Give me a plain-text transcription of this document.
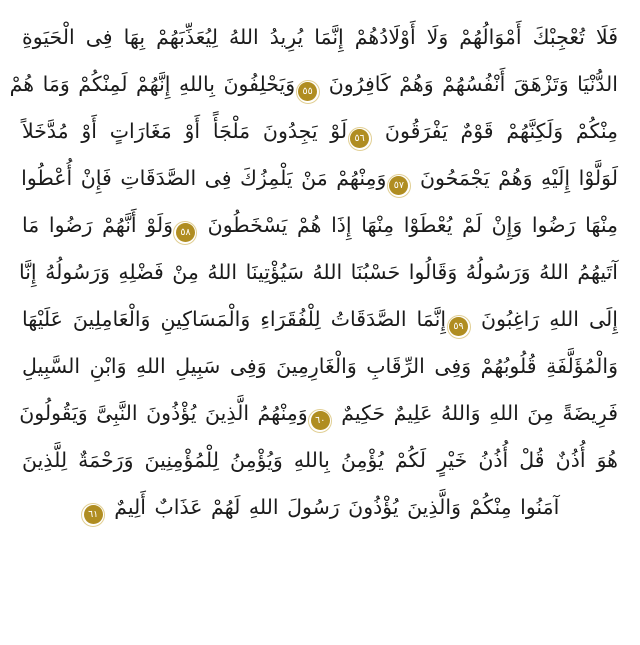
فَلَا تُعْجِبْكَ أَمْوَالُهُمْ وَلَا أَوْلَادُهُمْ إِنَّمَا يُرِيدُ اللهُ لِيُعَذِّبَهُمْ بِهَا فِى الْحَيَوةِ
الدُّنْيَا وَتَزْهَقَ أَنْفُسُهُمْ وَهُمْ كَافِرُونَ ٥٥وَيَحْلِفُونَ بِاللهِ إِنَّهُمْ لَمِنْكُمْ وَمَا هُمْ
مِنْكُمْ وَلَكِنَّهُمْ قَوْمٌ يَفْرَقُونَ ٥٦لَوْ يَجِدُونَ مَلْجَأً أَوْ مَغَارَاتٍ أَوْ مُدَّخَلاً
لَوَلَّوْا إِلَيْهِ وَهُمْ يَجْمَحُونَ ٥٧وَمِنْهُمْ مَنْ يَلْمِزُكَ فِى الصَّدَقَاتِ فَإِنْ أُعْطُوا
مِنْهَا رَضُوا وَإِنْ لَمْ يُعْطَوْا مِنْهَا إِذَا هُمْ يَسْخَطُونَ ٥٨وَلَوْ أَنَّهُمْ رَضُوا مَا
آتَيهُمُ اللهُ وَرَسُولُهُ وَقَالُوا حَسْبُنَا اللهُ سَيُؤْتِينَا اللهُ مِنْ فَضْلِهِ وَرَسُولُهُ إِنَّا
إِلَى اللهِ رَاغِبُونَ ٥٩إِنَّمَا الصَّدَقَاتُ لِلْفُقَرَاءِ وَالْمَسَاكِينِ وَالْعَامِلِينَ عَلَيْهَا
وَالْمُؤَلَّفَةِ قُلُوبُهُمْ وَفِى الرِّقَابِ وَالْغَارِمِينَ وَفِى سَبِيلِ اللهِ وَابْنِ السَّبِيلِ
فَرِيضَةً مِنَ اللهِ وَاللهُ عَلِيمٌ حَكِيمٌ ٦٠وَمِنْهُمُ الَّذِينَ يُؤْذُونَ النَّبِىَّ وَيَقُولُونَ
هُوَ أُذُنٌ قُلْ أُذُنُ خَيْرٍ لَكُمْ يُؤْمِنُ بِاللهِ وَيُؤْمِنُ لِلْمُؤْمِنِينَ وَرَحْمَةٌ لِلَّذِينَ
آمَنُوا مِنْكُمْ وَالَّذِينَ يُؤْذُونَ رَسُولَ اللهِ لَهُمْ عَذَابٌ أَلِيمٌ ٦١
